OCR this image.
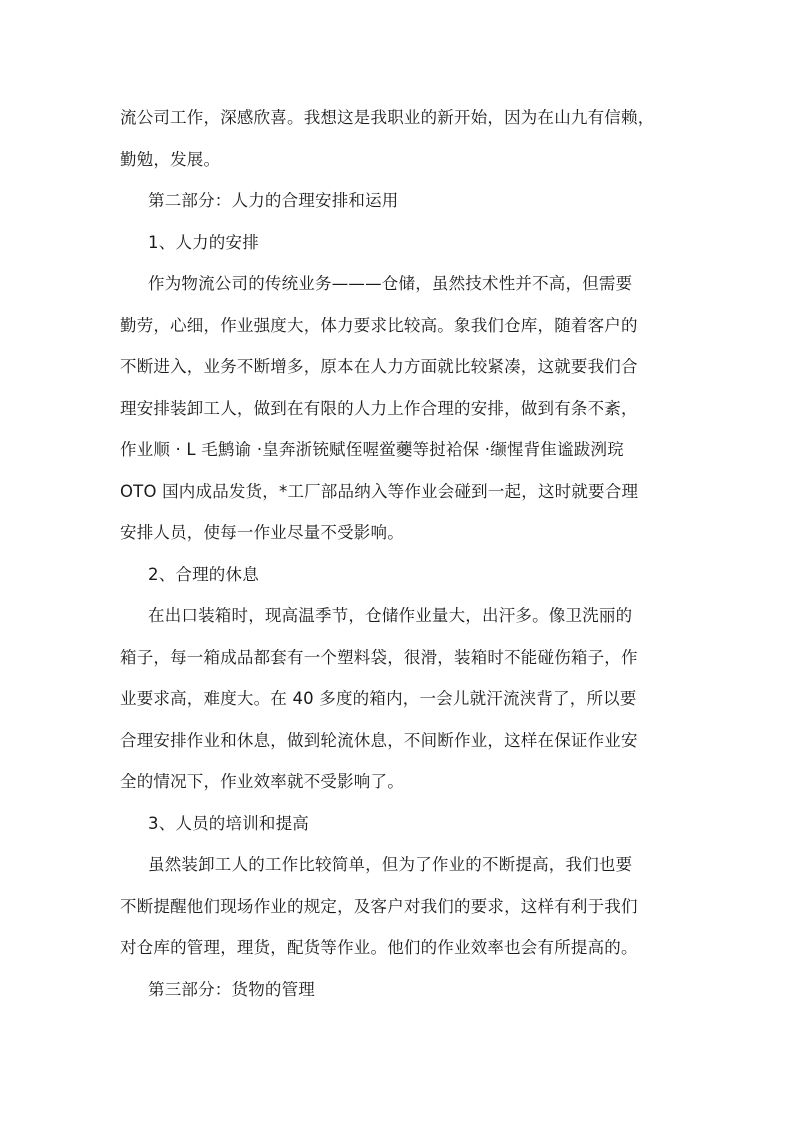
流公司工作，深感欣喜。我想这是我职业的新开始，因为在山九有信赖，
勤勉，发展。
第二部分：人力的合理安排和运用
1、人力的安排
作为物流公司的传统业务———仓储，虽然技术性并不高，但需要
勤劳，心细，作业强度大，体力要求比较高。象我们仓库，随着客户的
不断进入，业务不断增多，原本在人力方面就比较紧凑，这就要我们合
理安排装卸工人，做到在有限的人力上作合理的安排，做到有条不紊，
作业顺 · L 毛鹪谕 ·皇奔浙铳赋侄喔鲎虁等挝袷保 ·缬惺背隹谧跋洌琓
OTO 国内成品发货，*工厂部品纳入等作业会碰到一起，这时就要合理
安排人员，使每一作业尽量不受影响。
2、合理的休息
在出口装箱时，现高温季节，仓储作业量大，出汗多。像卫洗丽的
箱子，每一箱成品都套有一个塑料袋，很滑，装箱时不能碰伤箱子，作
业要求高，难度大。在 40 多度的箱内，一会儿就汗流浃背了，所以要
合理安排作业和休息，做到轮流休息，不间断作业，这样在保证作业安
全的情况下，作业效率就不受影响了。
3、人员的培训和提高
虽然装卸工人的工作比较简单，但为了作业的不断提高，我们也要
不断提醒他们现场作业的规定，及客户对我们的要求，这样有利于我们
对仓库的管理，理货，配货等作业。他们的作业效率也会有所提高的。
第三部分：货物的管理
